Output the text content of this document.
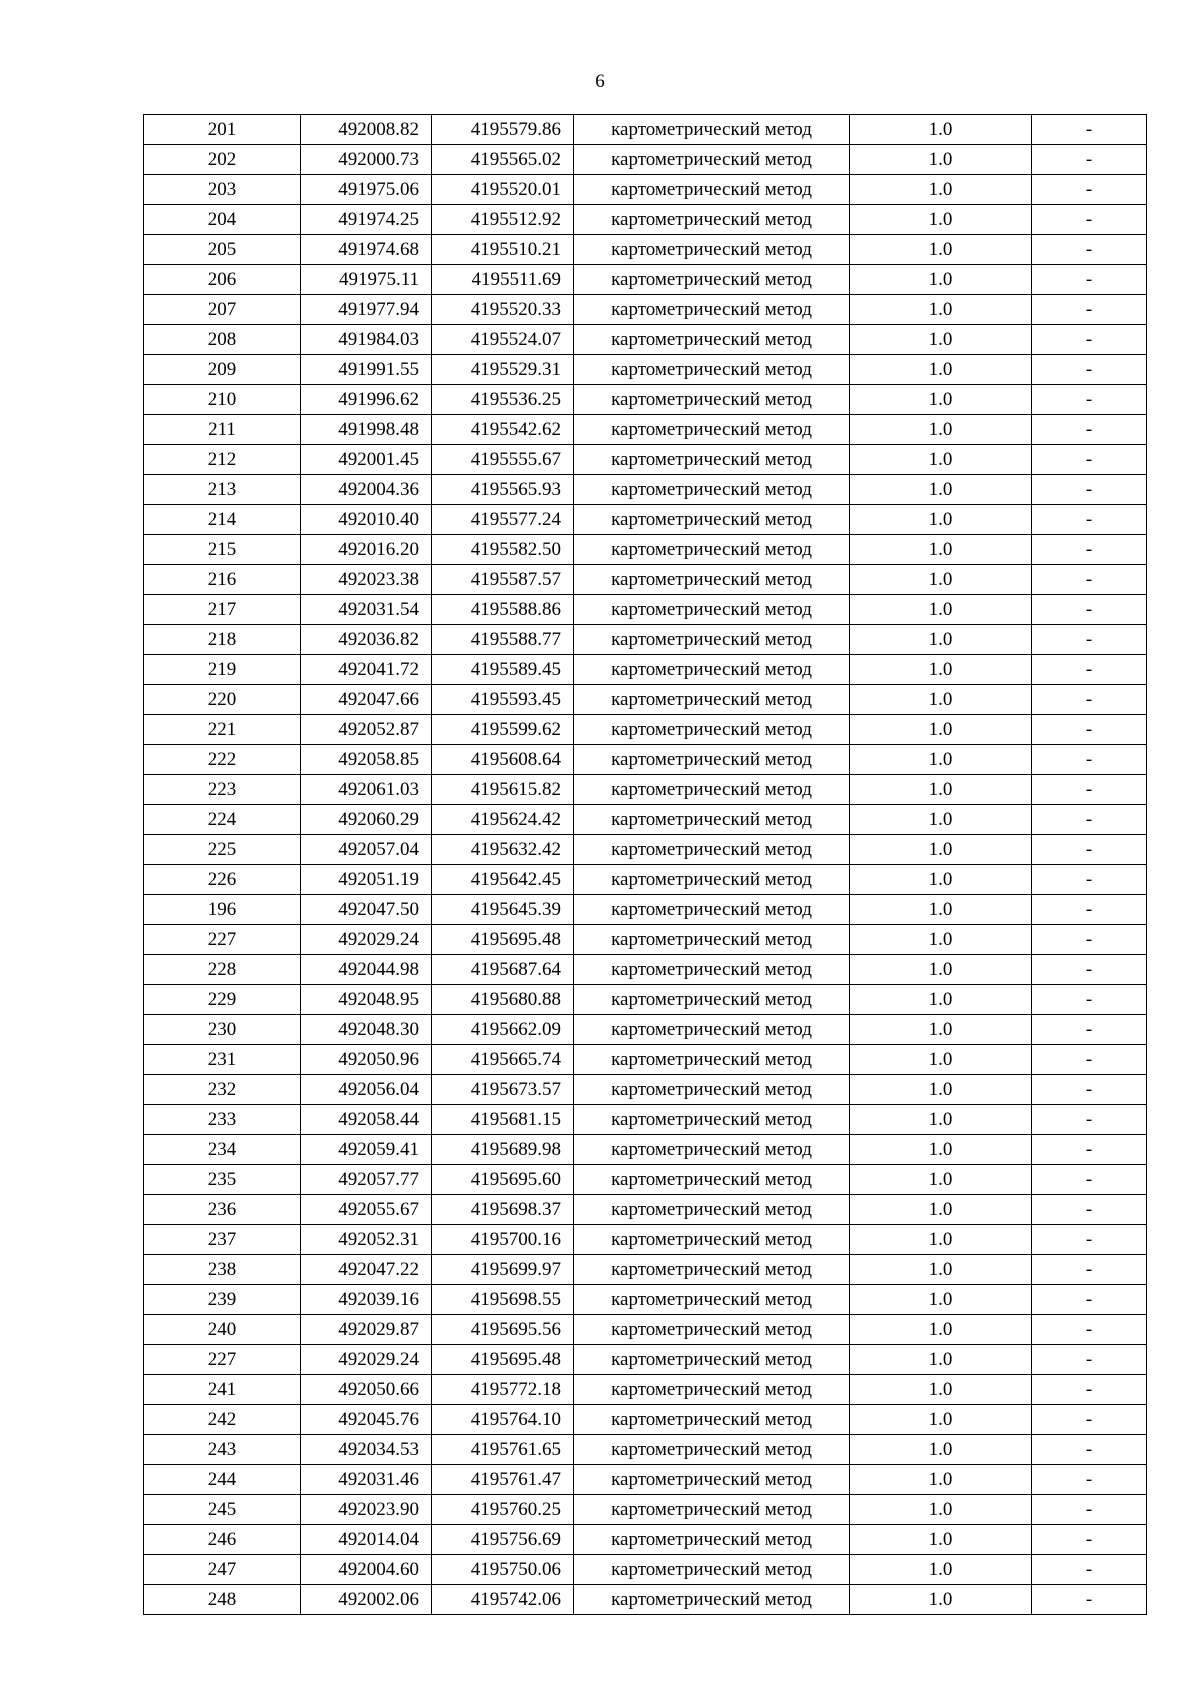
6
201	492008.82	4195579.86	картометрический метод	1.0	-
202	492000.73	4195565.02	картометрический метод	1.0	-
203	491975.06	4195520.01	картометрический метод	1.0	-
204	491974.25	4195512.92	картометрический метод	1.0	-
205	491974.68	4195510.21	картометрический метод	1.0	-
206	491975.11	4195511.69	картометрический метод	1.0	-
207	491977.94	4195520.33	картометрический метод	1.0	-
208	491984.03	4195524.07	картометрический метод	1.0	-
209	491991.55	4195529.31	картометрический метод	1.0	-
210	491996.62	4195536.25	картометрический метод	1.0	-
211	491998.48	4195542.62	картометрический метод	1.0	-
212	492001.45	4195555.67	картометрический метод	1.0	-
213	492004.36	4195565.93	картометрический метод	1.0	-
214	492010.40	4195577.24	картометрический метод	1.0	-
215	492016.20	4195582.50	картометрический метод	1.0	-
216	492023.38	4195587.57	картометрический метод	1.0	-
217	492031.54	4195588.86	картометрический метод	1.0	-
218	492036.82	4195588.77	картометрический метод	1.0	-
219	492041.72	4195589.45	картометрический метод	1.0	-
220	492047.66	4195593.45	картометрический метод	1.0	-
221	492052.87	4195599.62	картометрический метод	1.0	-
222	492058.85	4195608.64	картометрический метод	1.0	-
223	492061.03	4195615.82	картометрический метод	1.0	-
224	492060.29	4195624.42	картометрический метод	1.0	-
225	492057.04	4195632.42	картометрический метод	1.0	-
226	492051.19	4195642.45	картометрический метод	1.0	-
196	492047.50	4195645.39	картометрический метод	1.0	-
227	492029.24	4195695.48	картометрический метод	1.0	-
228	492044.98	4195687.64	картометрический метод	1.0	-
229	492048.95	4195680.88	картометрический метод	1.0	-
230	492048.30	4195662.09	картометрический метод	1.0	-
231	492050.96	4195665.74	картометрический метод	1.0	-
232	492056.04	4195673.57	картометрический метод	1.0	-
233	492058.44	4195681.15	картометрический метод	1.0	-
234	492059.41	4195689.98	картометрический метод	1.0	-
235	492057.77	4195695.60	картометрический метод	1.0	-
236	492055.67	4195698.37	картометрический метод	1.0	-
237	492052.31	4195700.16	картометрический метод	1.0	-
238	492047.22	4195699.97	картометрический метод	1.0	-
239	492039.16	4195698.55	картометрический метод	1.0	-
240	492029.87	4195695.56	картометрический метод	1.0	-
227	492029.24	4195695.48	картометрический метод	1.0	-
241	492050.66	4195772.18	картометрический метод	1.0	-
242	492045.76	4195764.10	картометрический метод	1.0	-
243	492034.53	4195761.65	картометрический метод	1.0	-
244	492031.46	4195761.47	картометрический метод	1.0	-
245	492023.90	4195760.25	картометрический метод	1.0	-
246	492014.04	4195756.69	картометрический метод	1.0	-
247	492004.60	4195750.06	картометрический метод	1.0	-
248	492002.06	4195742.06	картометрический метод	1.0	-
